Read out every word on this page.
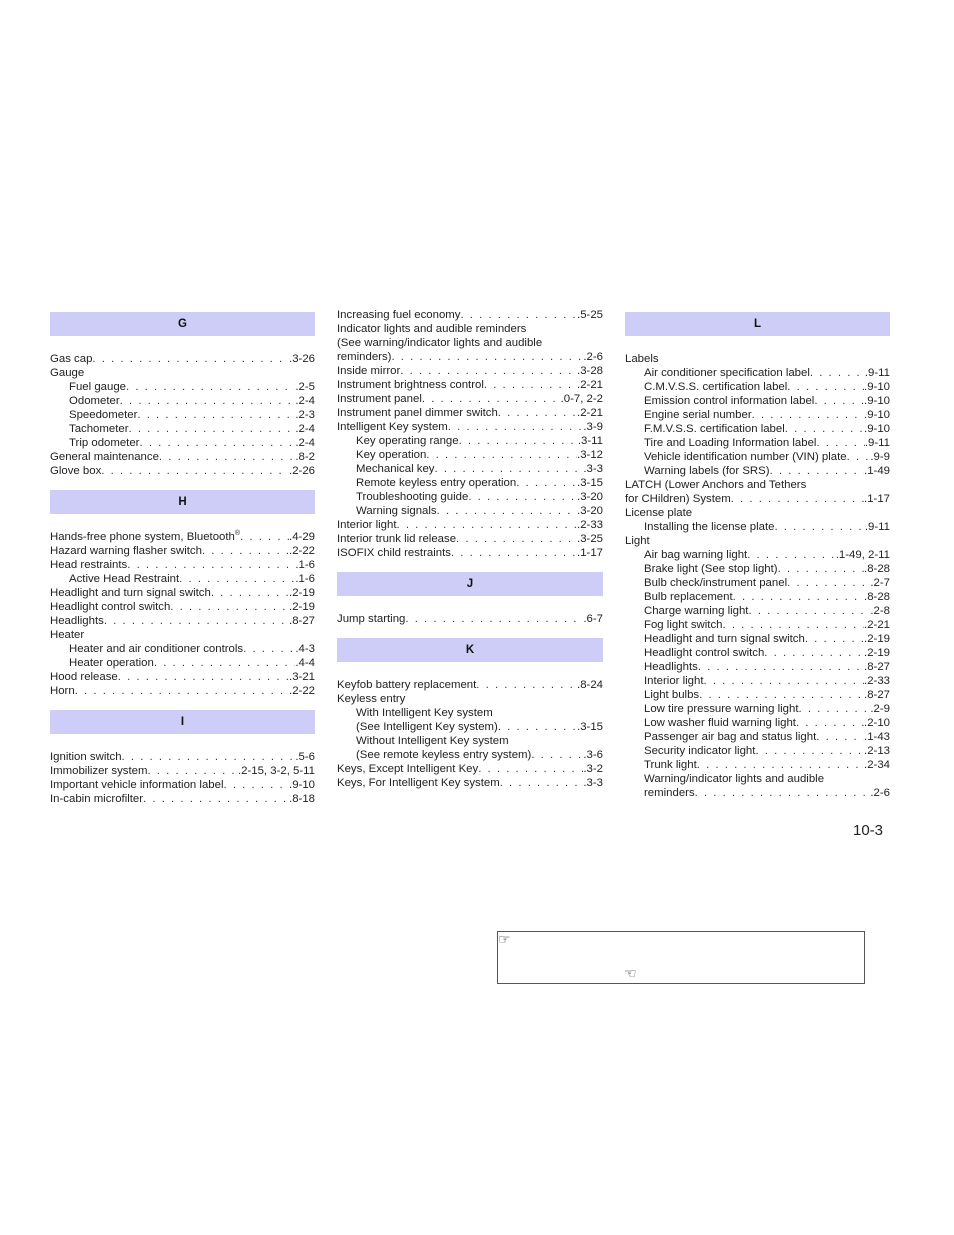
G
Gas cap . . .	.3-26
Gauge
Fuel gauge . . .	.2-5
Odometer . . .	.2-4
Speedometer . . .	.2-3
Tachometer . . .	.2-4
Trip odometer . . .	.2-4
General maintenance . . .	.8-2
Glove box . . .	.2-26
H
Hands-free phone system, Bluetooth® . . .	.4-29
Hazard warning flasher switch . . .	.2-22
Head restraints . . .	.1-6
Active Head Restraint . . .	.1-6
Headlight and turn signal switch . . .	.2-19
Headlight control switch . . .	.2-19
Headlights . . .	.8-27
Heater
Heater and air conditioner controls . . .	.4-3
Heater operation . . .	.4-4
Hood release . . .	.3-21
Horn . . .	.2-22
I
Ignition switch . . .	.5-6
Immobilizer system . . .	.2-15, 3-2, 5-11
Important vehicle information label . . .	.9-10
In-cabin microfilter . . .	.8-18
Increasing fuel economy . . .	.5-25
Indicator lights and audible reminders
(See warning/indicator lights and audible
reminders) . . .	.2-6
Inside mirror . . .	.3-28
Instrument brightness control . . .	.2-21
Instrument panel . . .	.0-7, 2-2
Instrument panel dimmer switch . . .	.2-21
Intelligent Key system . . .	.3-9
Key operating range . . .	.3-11
Key operation . . .	.3-12
Mechanical key . . .	.3-3
Remote keyless entry operation . . .	.3-15
Troubleshooting guide . . .	.3-20
Warning signals . . .	.3-20
Interior light . . .	.2-33
Interior trunk lid release . . .	.3-25
ISOFIX child restraints . . .	.1-17
J
Jump starting . . .	.6-7
K
Keyfob battery replacement . . .	.8-24
Keyless entry
With Intelligent Key system
(See Intelligent Key system) . . .	.3-15
Without Intelligent Key system
(See remote keyless entry system) . . .	.3-6
Keys, Except Intelligent Key . . .	.3-2
Keys, For Intelligent Key system . . .	.3-3
L
Labels
Air conditioner specification label . . .	.9-11
C.M.V.S.S. certification label . . .	.9-10
Emission control information label . . .	.9-10
Engine serial number . . .	.9-10
F.M.V.S.S. certification label . . .	.9-10
Tire and Loading Information label . . .	.9-11
Vehicle identification number (VIN) plate . . . .9-9
Warning labels (for SRS) . . .	.1-49
LATCH (Lower Anchors and Tethers
for CHildren) System . . .	.1-17
License plate
Installing the license plate . . .	.9-11
Light
Air bag warning light . . .	.1-49, 2-11
Brake light (See stop light) . . .	.8-28
Bulb check/instrument panel . . .	.2-7
Bulb replacement . . .	.8-28
Charge warning light . . .	.2-8
Fog light switch . . .	.2-21
Headlight and turn signal switch . . .	.2-19
Headlight control switch . . .	.2-19
Headlights . . .	.8-27
Interior light . . .	.2-33
Light bulbs . . .	.8-27
Low tire pressure warning light . . .	.2-9
Low washer fluid warning light . . .	.2-10
Passenger air bag and status light . . .	.1-43
Security indicator light . . .	.2-13
Trunk light . . .	.2-34
Warning/indicator lights and audible
reminders . . .	.2-6
10-3
☞
☜
